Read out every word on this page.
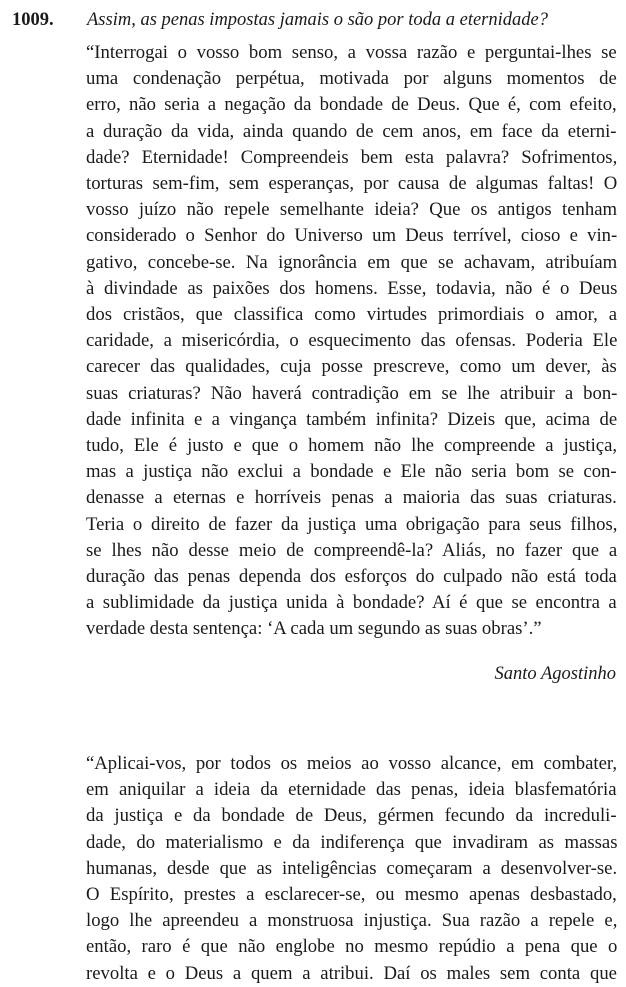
1009. Assim, as penas impostas jamais o são por toda a eternidade?
“Interrogai o vosso bom senso, a vossa razão e perguntai-lhes se
uma condenação perpétua, motivada por alguns momentos de
erro, não seria a negação da bondade de Deus. Que é, com efeito,
a duração da vida, ainda quando de cem anos, em face da eterni-
dade? Eternidade! Compreendeis bem esta palavra? Sofrimentos,
torturas sem-fim, sem esperanças, por causa de algumas faltas! O
vosso juízo não repele semelhante ideia? Que os antigos tenham
considerado o Senhor do Universo um Deus terrível, cioso e vin-
gativo, concebe-se. Na ignorância em que se achavam, atribuíam
à divindade as paixões dos homens. Esse, todavia, não é o Deus
dos cristãos, que classifica como virtudes primordiais o amor, a
caridade, a misericórdia, o esquecimento das ofensas. Poderia Ele
carecer das qualidades, cuja posse prescreve, como um dever, às
suas criaturas? Não haverá contradição em se lhe atribuir a bon-
dade infinita e a vingança também infinita? Dizeis que, acima de
tudo, Ele é justo e que o homem não lhe compreende a justiça,
mas a justiça não exclui a bondade e Ele não seria bom se con-
denasse a eternas e horríveis penas a maioria das suas criaturas.
Teria o direito de fazer da justiça uma obrigação para seus filhos,
se lhes não desse meio de compreendê-la? Aliás, no fazer que a
duração das penas dependa dos esforços do culpado não está toda
a sublimidade da justiça unida à bondade? Aí é que se encontra a
verdade desta sentença: ‘A cada um segundo as suas obras’.”
Santo Agostinho
“Aplicai-vos, por todos os meios ao vosso alcance, em combater,
em aniquilar a ideia da eternidade das penas, ideia blasfematória
da justiça e da bondade de Deus, gérmen fecundo da increduli-
dade, do materialismo e da indiferença que invadiram as massas
humanas, desde que as inteligências começaram a desenvolver-se.
O Espírito, prestes a esclarecer-se, ou mesmo apenas desbastado,
logo lhe apreendeu a monstruosa injustiça. Sua razão a repele e,
então, raro é que não englobe no mesmo repúdio a pena que o
revolta e o Deus a quem a atribui. Daí os males sem conta que
